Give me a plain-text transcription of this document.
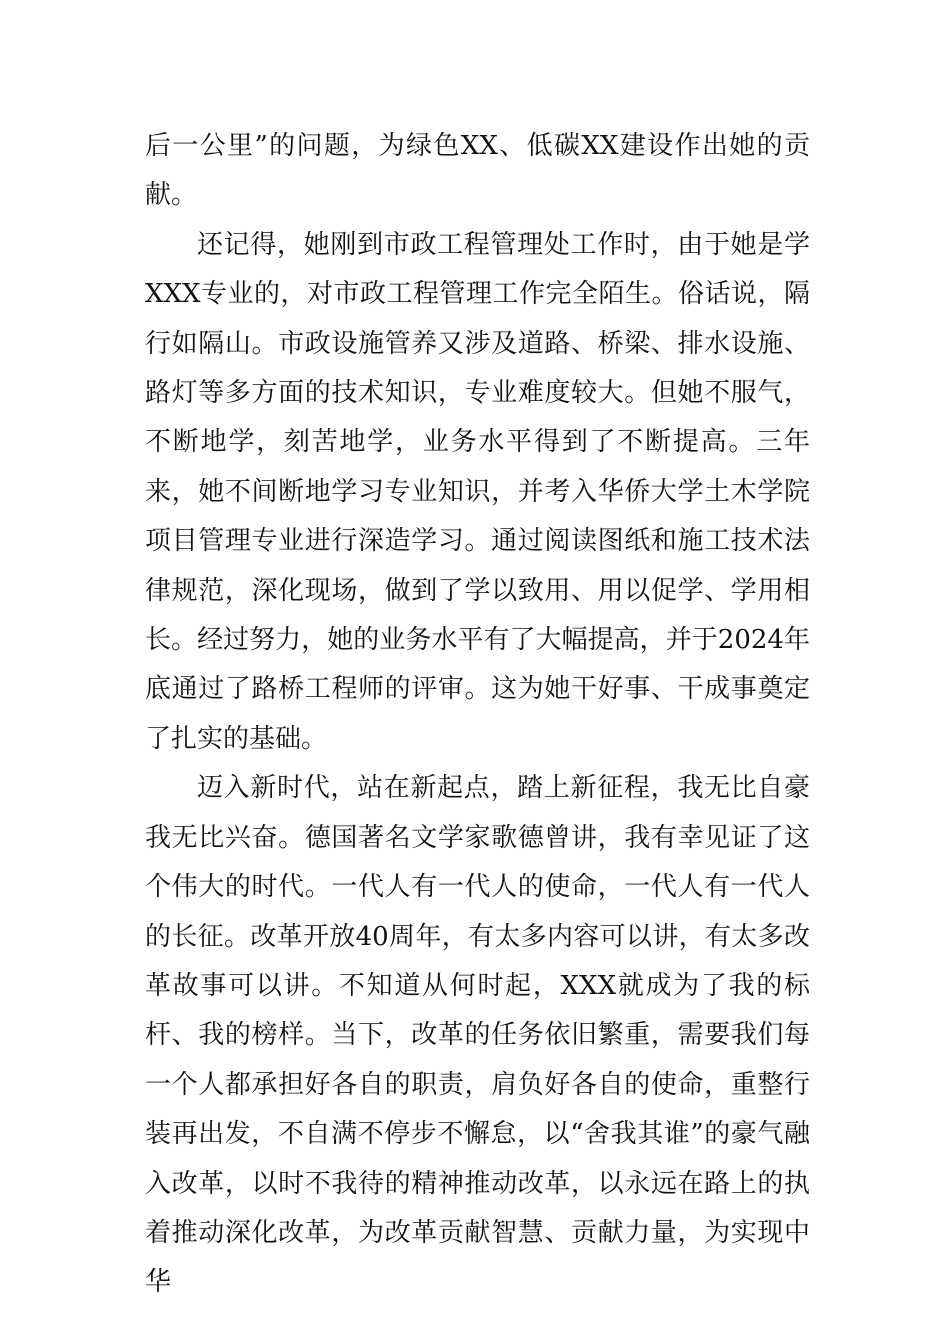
后一公里”的问题，为绿色XX、低碳XX建设作出她的贡献。

还记得，她刚到市政工程管理处工作时，由于她是学XXX专业的，对市政工程管理工作完全陌生。俗话说，隔行如隔山。市政设施管养又涉及道路、桥梁、排水设施、路灯等多方面的技术知识，专业难度较大。但她不服气，不断地学，刻苦地学，业务水平得到了不断提高。三年来，她不间断地学习专业知识，并考入华侨大学土木学院项目管理专业进行深造学习。通过阅读图纸和施工技术法律规范，深化现场，做到了学以致用、用以促学、学用相长。经过努力，她的业务水平有了大幅提高，并于2024年底通过了路桥工程师的评审。这为她干好事、干成事奠定了扎实的基础。

迈入新时代，站在新起点，踏上新征程，我无比自豪我无比兴奋。德国著名文学家歌德曾讲，我有幸见证了这个伟大的时代。一代人有一代人的使命，一代人有一代人的长征。改革开放40周年，有太多内容可以讲，有太多改革故事可以讲。不知道从何时起，XXX就成为了我的标杆、我的榜样。当下，改革的任务依旧繁重，需要我们每一个人都承担好各自的职责，肩负好各自的使命，重整行装再出发，不自满不停步不懈怠，以“舍我其谁”的豪气融入改革，以时不我待的精神推动改革，以永远在路上的执着推动深化改革，为改革贡献智慧、贡献力量，为实现中华
